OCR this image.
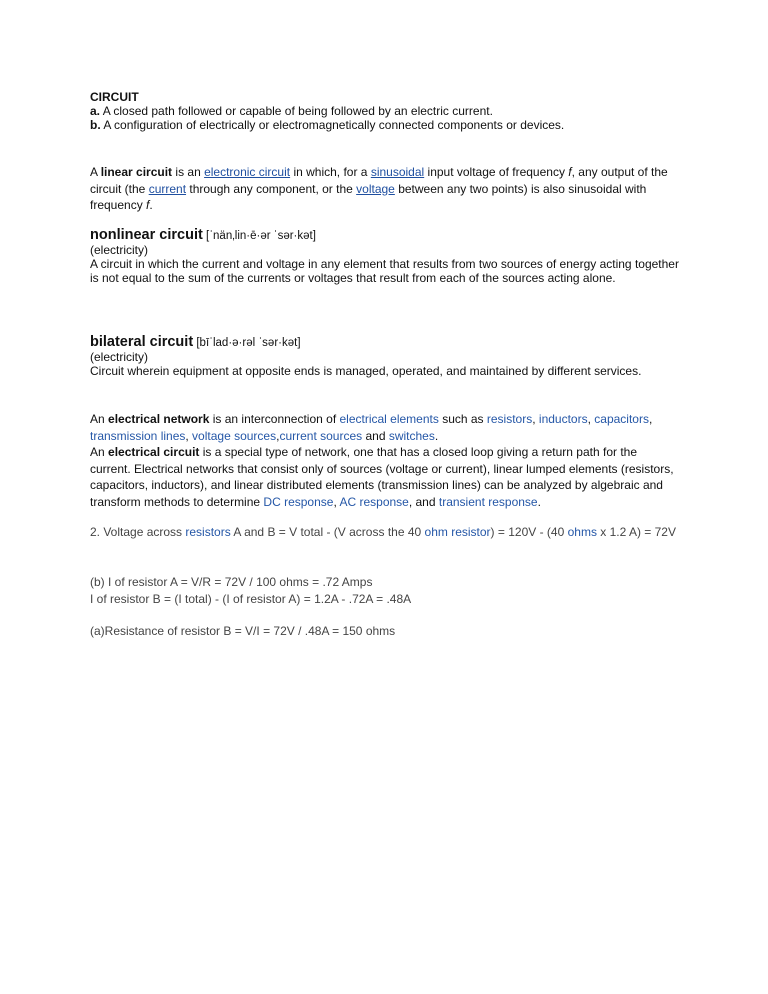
CIRCUIT
a. A closed path followed or capable of being followed by an electric current.
b. A configuration of electrically or electromagnetically connected components or devices.
A linear circuit is an electronic circuit in which, for a sinusoidal input voltage of frequency f, any output of the circuit (the current through any component, or the voltage between any two points) is also sinusoidal with frequency f.
nonlinear circuit [ˈnän‚lin·ē·ər ˈsər·kət]
(electricity)
A circuit in which the current and voltage in any element that results from two sources of energy acting together is not equal to the sum of the currents or voltages that result from each of the sources acting alone.
bilateral circuit [bīˈlad·ə·rəl ˈsər·kət]
(electricity)
Circuit wherein equipment at opposite ends is managed, operated, and maintained by different services.
An electrical network is an interconnection of electrical elements such as resistors, inductors, capacitors, transmission lines, voltage sources,current sources and switches.
An electrical circuit is a special type of network, one that has a closed loop giving a return path for the current. Electrical networks that consist only of sources (voltage or current), linear lumped elements (resistors, capacitors, inductors), and linear distributed elements (transmission lines) can be analyzed by algebraic and transform methods to determine DC response, AC response, and transient response.
2. Voltage across resistors A and B = V total - (V across the 40 ohm resistor) = 120V - (40 ohms x 1.2 A) = 72V
(b) I of resistor A = V/R = 72V / 100 ohms = .72 Amps
I of resistor B = (I total) - (I of resistor A) = 1.2A - .72A = .48A
(a)Resistance of resistor B = V/I = 72V / .48A = 150 ohms
